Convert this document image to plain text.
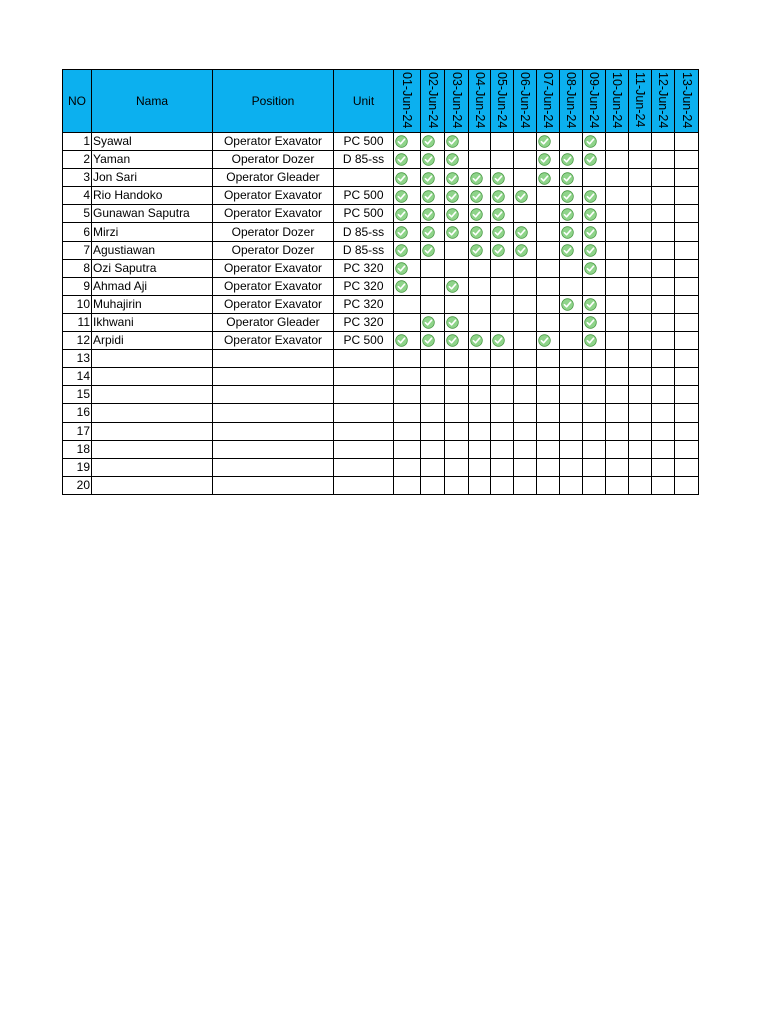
NO	Nama	Position	Unit	01-Jun-24	02-Jun-24	03-Jun-24	04-Jun-24	05-Jun-24	06-Jun-24	07-Jun-24	08-Jun-24	09-Jun-24	10-Jun-24	11-Jun-24	12-Jun-24	13-Jun-24

1	Syawal	Operator Exavator	PC 500	

2	Yaman	Operator Dozer	D 85-ss	

3	Jon Sari	Operator Gleader		

4	Rio Handoko	Operator Exavator	PC 500	

5	Gunawan Saputra	Operator Exavator	PC 500	

6	Mirzi	Operator Dozer	D 85-ss	

7	Agustiawan	Operator Dozer	D 85-ss	

8	Ozi Saputra	Operator Exavator	PC 320	

9	Ahmad Aji	Operator Exavator	PC 320	

10	Muhajirin	Operator Exavator	PC 320								

11	Ikhwani	Operator Gleader	PC 320		

12	Arpidi	Operator Exavator	PC 500	

13																
14																
15																
16																
17																
18																
19																
20																
